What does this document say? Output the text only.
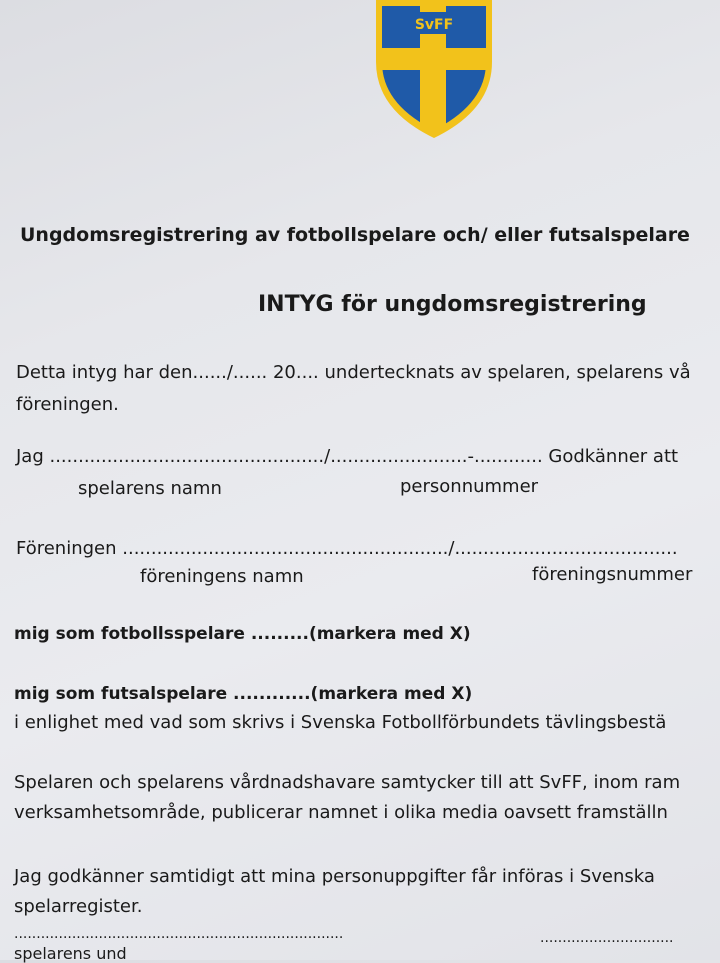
SvFF
Ungdomsregistrering av fotbollspelare och/ eller futsalspelare
INTYG för ungdomsregistrering
Detta intyg har den....../...... 20.... undertecknats av spelaren, spelarens vå
föreningen.
Jag ................................................/........................-............ Godkänner att
spelarens namn	personnummer
Föreningen ........................................................./.......................................
föreningens namn	föreningsnummer
mig som fotbollsspelare .........(markera med X)
mig som futsalspelare ............(markera med X)
i enlighet med vad som skrivs i Svenska Fotbollförbundets tävlingsbestä
Spelaren och spelarens vårdnadshavare samtycker till att SvFF, inom ram
verksamhetsområde, publicerar namnet i olika media oavsett framställn
Jag godkänner samtidigt att mina personuppgifter får införas i Svenska
spelarregister.
..........................................................................	..............................
spelarens und
